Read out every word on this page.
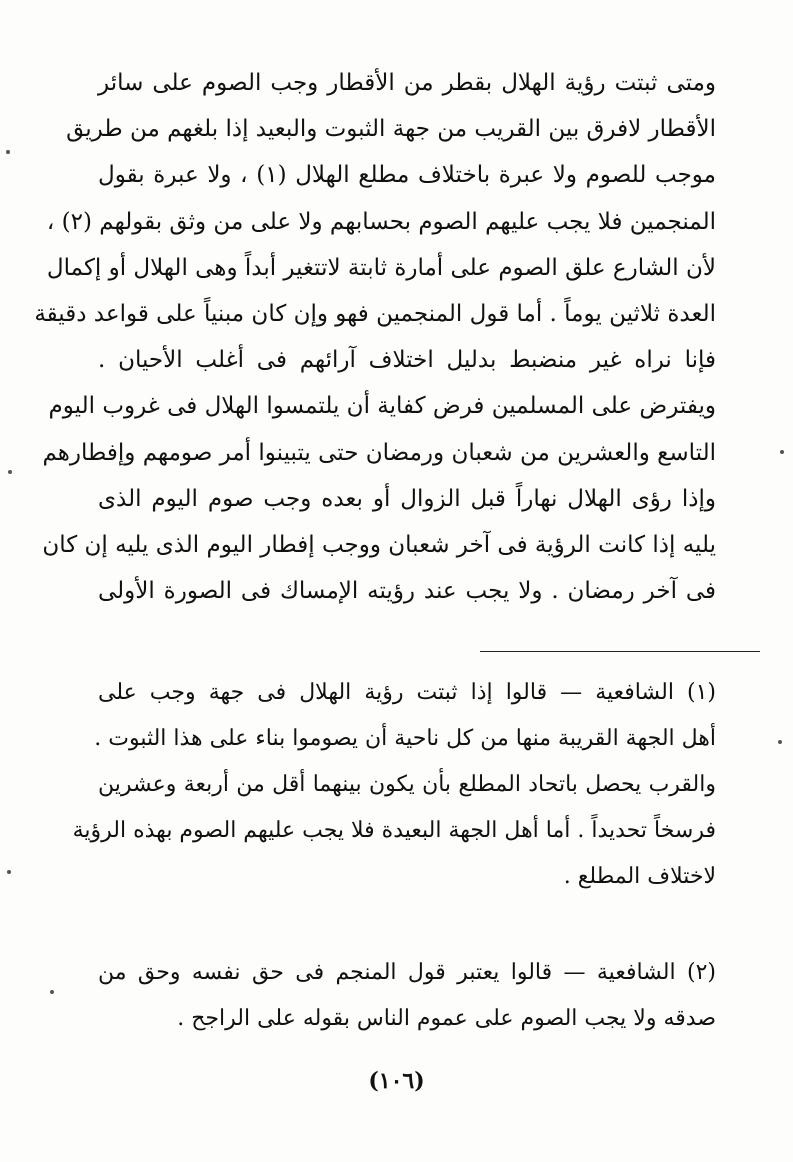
ومتى ثبتت رؤية الهلال بقطر من الأقطار وجب الصوم على سائر
الأقطار لافرق بين القريب من جهة الثبوت والبعيد إذا بلغهم من طريق
موجب للصوم ولا عبرة باختلاف مطلع الهلال (١) ، ولا عبرة بقول
المنجمين فلا يجب عليهم الصوم بحسابهم ولا على من وثق بقولهم (٢) ،
لأن الشارع علق الصوم على أمارة ثابتة لاتتغير أبداً وهى الهلال أو إكمال
العدة ثلاثين يوماً . أما قول المنجمين فهو وإن كان مبنياً على قواعد دقيقة
فإنا نراه غير منضبط بدليل اختلاف آرائهم فى أغلب الأحيان .
ويفترض على المسلمين فرض كفاية أن يلتمسوا الهلال فى غروب اليوم
التاسع والعشرين من شعبان ورمضان حتى يتبينوا أمر صومهم وإفطارهم
وإذا رؤى الهلال نهاراً قبل الزوال أو بعده وجب صوم اليوم الذى
يليه إذا كانت الرؤية فى آخر شعبان ووجب إفطار اليوم الذى يليه إن كان
فى آخر رمضان . ولا يجب عند رؤيته الإمساك فى الصورة الأولى
(١) الشافعية — قالوا إذا ثبتت رؤية الهلال فى جهة وجب على
أهل الجهة القريبة منها من كل ناحية أن يصوموا بناء على هذا الثبوت .
والقرب يحصل باتحاد المطلع بأن يكون بينهما أقل من أربعة وعشرين
فرسخاً تحديداً . أما أهل الجهة البعيدة فلا يجب عليهم الصوم بهذه الرؤية
لاختلاف المطلع .
(٢) الشافعية — قالوا يعتبر قول المنجم فى حق نفسه وحق من
صدقه ولا يجب الصوم على عموم الناس بقوله على الراجح .
(١٠٦)
